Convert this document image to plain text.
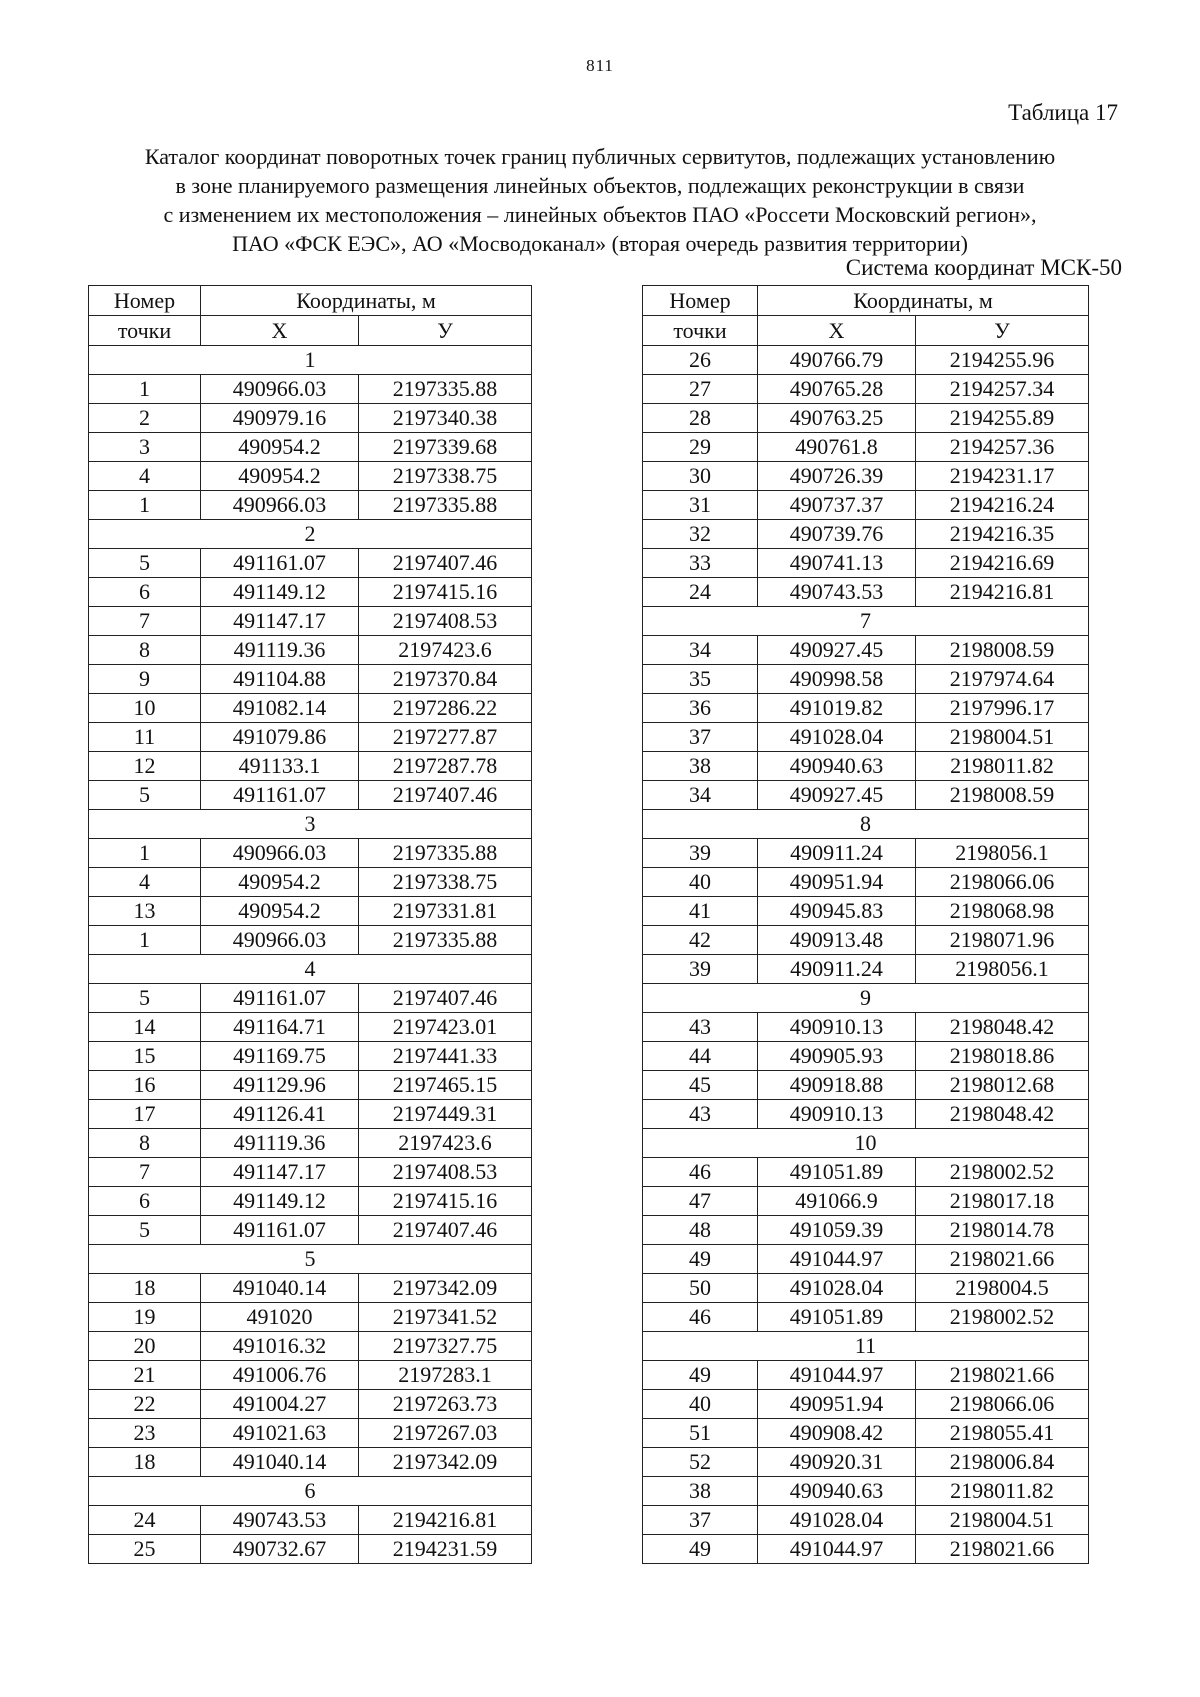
811
Таблица 17
Каталог координат поворотных точек границ публичных сервитутов, подлежащих установлению
в зоне планируемого размещения линейных объектов, подлежащих реконструкции в связи
с изменением их местоположения – линейных объектов ПАО «Россети Московский регион»,
ПАО «ФСК ЕЭС», АО «Мосводоканал» (вторая очередь развития территории)
Система координат МСК-50
Номер	Координаты, м	
точки	X	У
1		
1	490966.03	2197335.88
2	490979.16	2197340.38
3	490954.2	2197339.68
4	490954.2	2197338.75
1	490966.03	2197335.88
2		
5	491161.07	2197407.46
6	491149.12	2197415.16
7	491147.17	2197408.53
8	491119.36	2197423.6
9	491104.88	2197370.84
10	491082.14	2197286.22
11	491079.86	2197277.87
12	491133.1	2197287.78
5	491161.07	2197407.46
3		
1	490966.03	2197335.88
4	490954.2	2197338.75
13	490954.2	2197331.81
1	490966.03	2197335.88
4		
5	491161.07	2197407.46
14	491164.71	2197423.01
15	491169.75	2197441.33
16	491129.96	2197465.15
17	491126.41	2197449.31
8	491119.36	2197423.6
7	491147.17	2197408.53
6	491149.12	2197415.16
5	491161.07	2197407.46
5		
18	491040.14	2197342.09
19	491020	2197341.52
20	491016.32	2197327.75
21	491006.76	2197283.1
22	491004.27	2197263.73
23	491021.63	2197267.03
18	491040.14	2197342.09
6		
24	490743.53	2194216.81
25	490732.67	2194231.59
Номер	Координаты, м	
точки	X	У
26	490766.79	2194255.96
27	490765.28	2194257.34
28	490763.25	2194255.89
29	490761.8	2194257.36
30	490726.39	2194231.17
31	490737.37	2194216.24
32	490739.76	2194216.35
33	490741.13	2194216.69
24	490743.53	2194216.81
7		
34	490927.45	2198008.59
35	490998.58	2197974.64
36	491019.82	2197996.17
37	491028.04	2198004.51
38	490940.63	2198011.82
34	490927.45	2198008.59
8		
39	490911.24	2198056.1
40	490951.94	2198066.06
41	490945.83	2198068.98
42	490913.48	2198071.96
39	490911.24	2198056.1
9		
43	490910.13	2198048.42
44	490905.93	2198018.86
45	490918.88	2198012.68
43	490910.13	2198048.42
10		
46	491051.89	2198002.52
47	491066.9	2198017.18
48	491059.39	2198014.78
49	491044.97	2198021.66
50	491028.04	2198004.5
46	491051.89	2198002.52
11		
49	491044.97	2198021.66
40	490951.94	2198066.06
51	490908.42	2198055.41
52	490920.31	2198006.84
38	490940.63	2198011.82
37	491028.04	2198004.51
49	491044.97	2198021.66
